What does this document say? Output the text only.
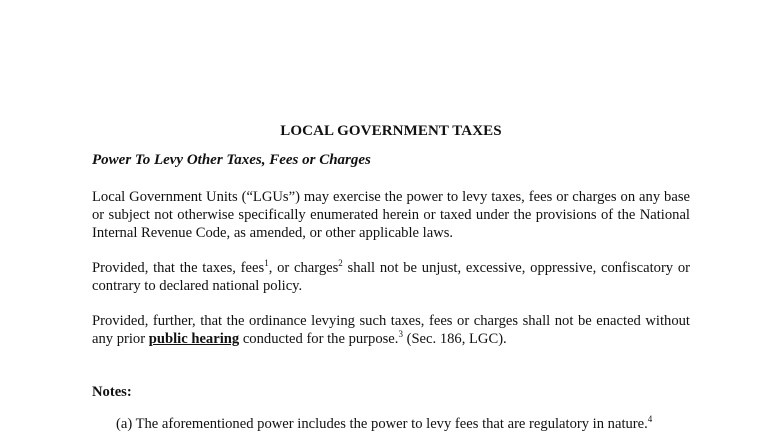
LOCAL GOVERNMENT TAXES
Power To Levy Other Taxes, Fees or Charges
Local Government Units (“LGUs”) may exercise the power to levy taxes, fees or charges on any base or subject not otherwise specifically enumerated herein or taxed under the provisions of the National Internal Revenue Code, as amended, or other applicable laws.
Provided, that the taxes, fees$^1$, or charges$^2$ shall not be unjust, excessive, oppressive, confiscatory or contrary to declared national policy.
Provided, further, that the ordinance levying such taxes, fees or charges shall not be enacted without any prior public hearing conducted for the purpose.$^3$ (Sec. 186, LGC).
Notes:
(a) The aforementioned power includes the power to levy fees that are regulatory in nature.$^4$
